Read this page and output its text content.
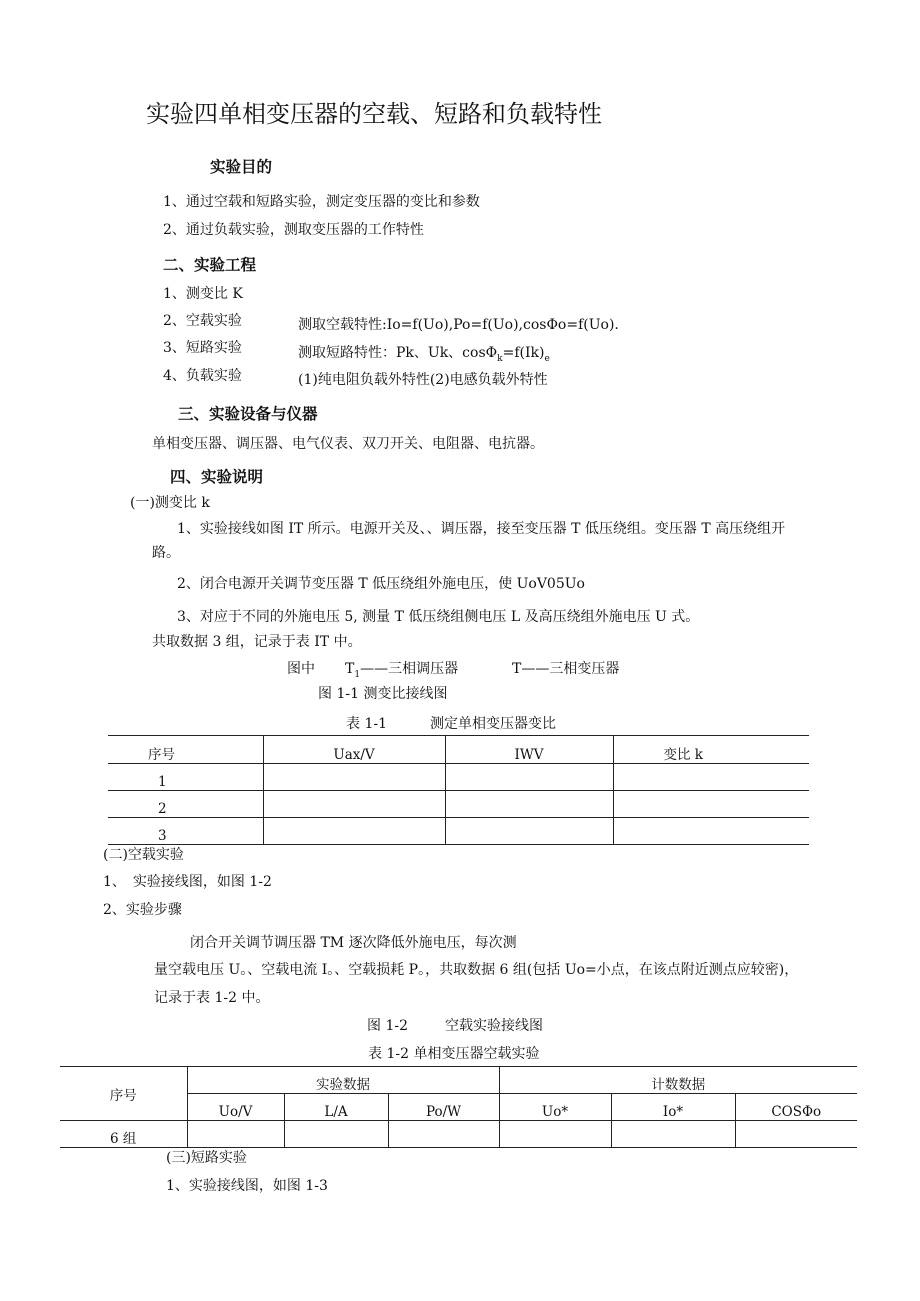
实验四单相变压器的空载、短路和负载特性
实验目的
1、通过空载和短路实验，测定变压器的变比和参数
2、通过负载实验，测取变压器的工作特性
二、实验工程
1、测变比 K
2、空载实验	测取空载特性:Io=f(Uo),Po=f(Uo),cosΦo=f(Uo).
3、短路实验	测取短路特性：Pk、Uk、$\cos\Phi_k=f(Ik)_e$
4、负载实验	(1)纯电阻负载外特性(2)电感负载外特性
三、实验设备与仪器
单相变压器、调压器、电气仪表、双刀开关、电阻器、电抗器。
四、实验说明
(一)测变比 k
1、实验接线如图 IT 所示。电源开关及、、调压器，接至变压器 T 低压绕组。变压器 T 高压绕组开
路。
2、闭合电源开关调节变压器 T 低压绕组外施电压，使 UoV05Uo
3、对应于不同的外施电压 5, 测量 T 低压绕组侧电压 L 及高压绕组外施电压 U 式。
共取数据 3 组，记录于表 IT 中。
图中 $T_1——$三相调压器	T——三相变压器
图 1-1 测变比接线图
表 1-1	测定单相变压器变比
序号	Uax/V	IWV	变比 k
1			
2			
3			
(二)空载实验
1、　实验接线图，如图 1-2
2、实验步骤
闭合开关调节调压器 TM 逐次降低外施电压，每次测
量空载电压 U。、空载电流 I。、空载损耗 P。，共取数据 6 组(包括 Uo=小点，在该点附近测点应较密)，
记录于表 1-2 中。
图 1-2	空载实验接线图
表 1-2 单相变压器空载实验
序号	实验数据			计数数据		
	Uo/V	L/A	Po/W	Uo*	Io*	COSΦo
6 组						
(三)短路实验
1、实验接线图，如图 1-3
